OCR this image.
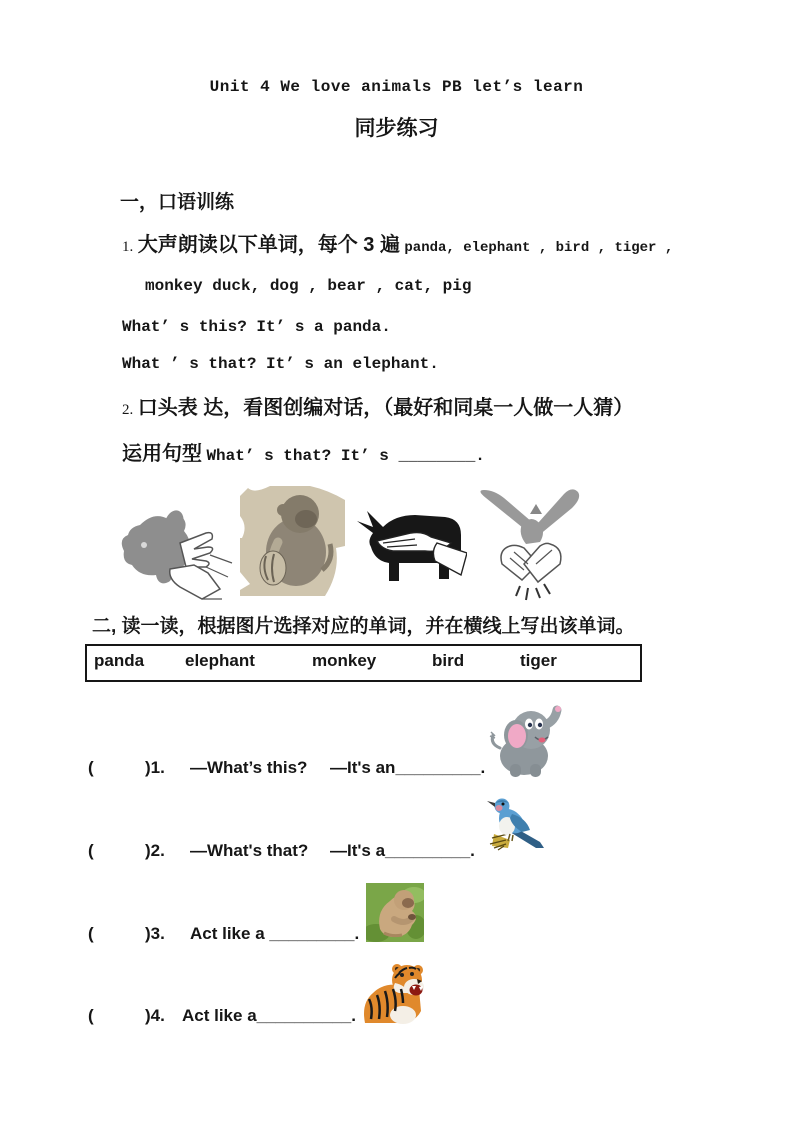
Unit 4 We love animals PB let’s learn
同步练习
一，口语训练
1. 大声朗读以下单词，每个 3 遍 panda, elephant , bird , tiger ,
monkey duck, dog , bear , cat, pig
What’ s this? It’ s a panda.
What ’ s that? It’ s an elephant.
2. 口头表 达，看图创编对话，（最好和同桌一人做一人猜）
运用句型 What’ s that? It’ s ________.
二, 读一读，根据图片选择对应的单词，并在横线上写出该单词。
panda elephant	monkey	bird	tiger
(	)1. —What’s this? —It's an_________.
(	)2. —What's that? —It's a_________.
(	)3. Act like a _________.
(	)4. Act like a__________.
